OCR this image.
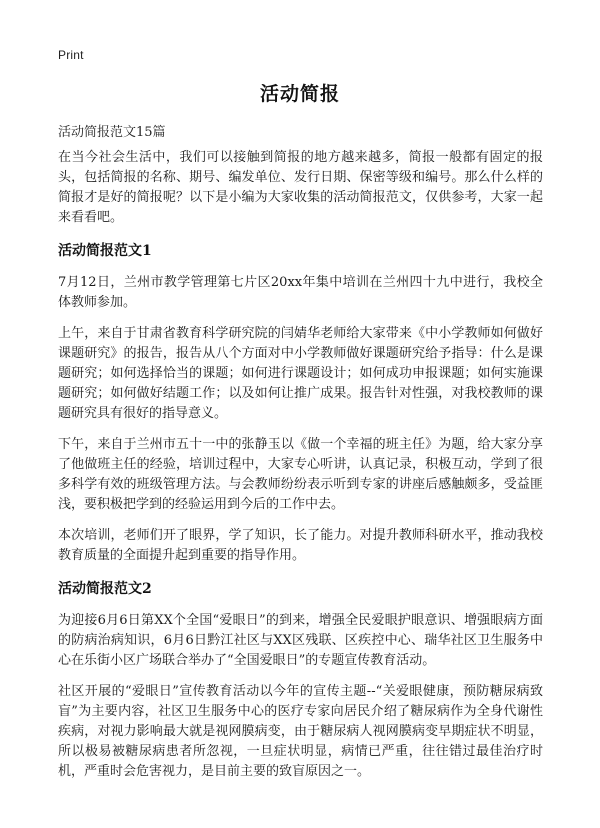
Print
活动简报
活动简报范文15篇

在当今社会生活中，我们可以接触到简报的地方越来越多，简报一般都有固定的报头，包括简报的名称、期号、编发单位、发行日期、保密等级和编号。那么什么样的简报才是好的简报呢？以下是小编为大家收集的活动简报范文，仅供参考，大家一起来看看吧。

活动简报范文1

7月12日，兰州市教学管理第七片区20xx年集中培训在兰州四十九中进行，我校全体教师参加。

上午，来自于甘肃省教育科学研究院的闫婧华老师给大家带来《中小学教师如何做好课题研究》的报告，报告从八个方面对中小学教师做好课题研究给予指导：什么是课题研究；如何选择恰当的课题；如何进行课题设计；如何成功申报课题；如何实施课题研究；如何做好结题工作；以及如何让推广成果。报告针对性强，对我校教师的课题研究具有很好的指导意义。

下午，来自于兰州市五十一中的张静玉以《做一个幸福的班主任》为题，给大家分享了他做班主任的经验，培训过程中，大家专心听讲，认真记录，积极互动，学到了很多科学有效的班级管理方法。与会教师纷纷表示听到专家的讲座后感触颇多，受益匪浅，要积极把学到的经验运用到今后的工作中去。

本次培训，老师们开了眼界，学了知识，长了能力。对提升教师科研水平，推动我校教育质量的全面提升起到重要的指导作用。

活动简报范文2

为迎接6月6日第XX个全国“爱眼日”的到来，增强全民爱眼护眼意识、增强眼病方面的防病治病知识，6月6日黔江社区与XX区残联、区疾控中心、瑞华社区卫生服务中心在乐街小区广场联合举办了“全国爱眼日”的专题宣传教育活动。

社区开展的“爱眼日”宣传教育活动以今年的宣传主题--“关爱眼健康，预防糖尿病致盲”为主要内容，社区卫生服务中心的医疗专家向居民介绍了糖尿病作为全身代谢性疾病，对视力影响最大就是视网膜病变，由于糖尿病人视网膜病变早期症状不明显，所以极易被糖尿病患者所忽视，一旦症状明显，病情已严重，往往错过最佳治疗时机，严重时会危害视力，是目前主要的致盲原因之一。
